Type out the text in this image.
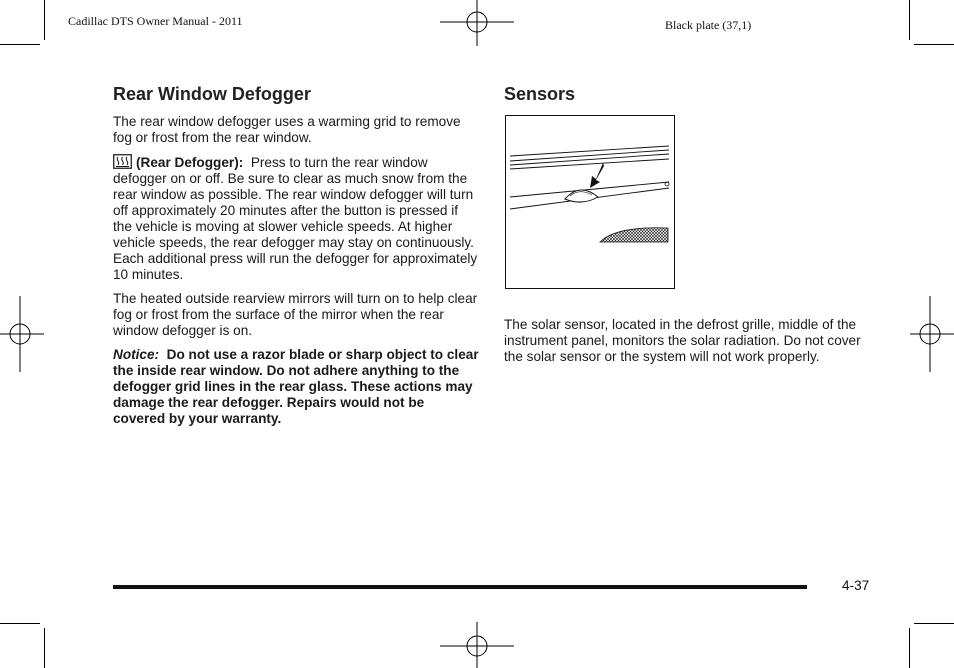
Cadillac DTS Owner Manual - 2011	Black plate (37,1)
Rear Window Defogger

The rear window defogger uses a warming grid to remove fog or frost from the rear window.

(Rear Defogger): Press to turn the rear window defogger on or off. Be sure to clear as much snow from the rear window as possible. The rear window defogger will turn off approximately 20 minutes after the button is pressed if the vehicle is moving at slower vehicle speeds. At higher vehicle speeds, the rear defogger may stay on continuously. Each additional press will run the defogger for approximately 10 minutes.

The heated outside rearview mirrors will turn on to help clear fog or frost from the surface of the mirror when the rear window defogger is on.

Notice: Do not use a razor blade or sharp object to clear the inside rear window. Do not adhere anything to the defogger grid lines in the rear glass. These actions may damage the rear defogger. Repairs would not be covered by your warranty.

Sensors

The solar sensor, located in the defrost grille, middle of the instrument panel, monitors the solar radiation. Do not cover the solar sensor or the system will not work properly.

4-37
